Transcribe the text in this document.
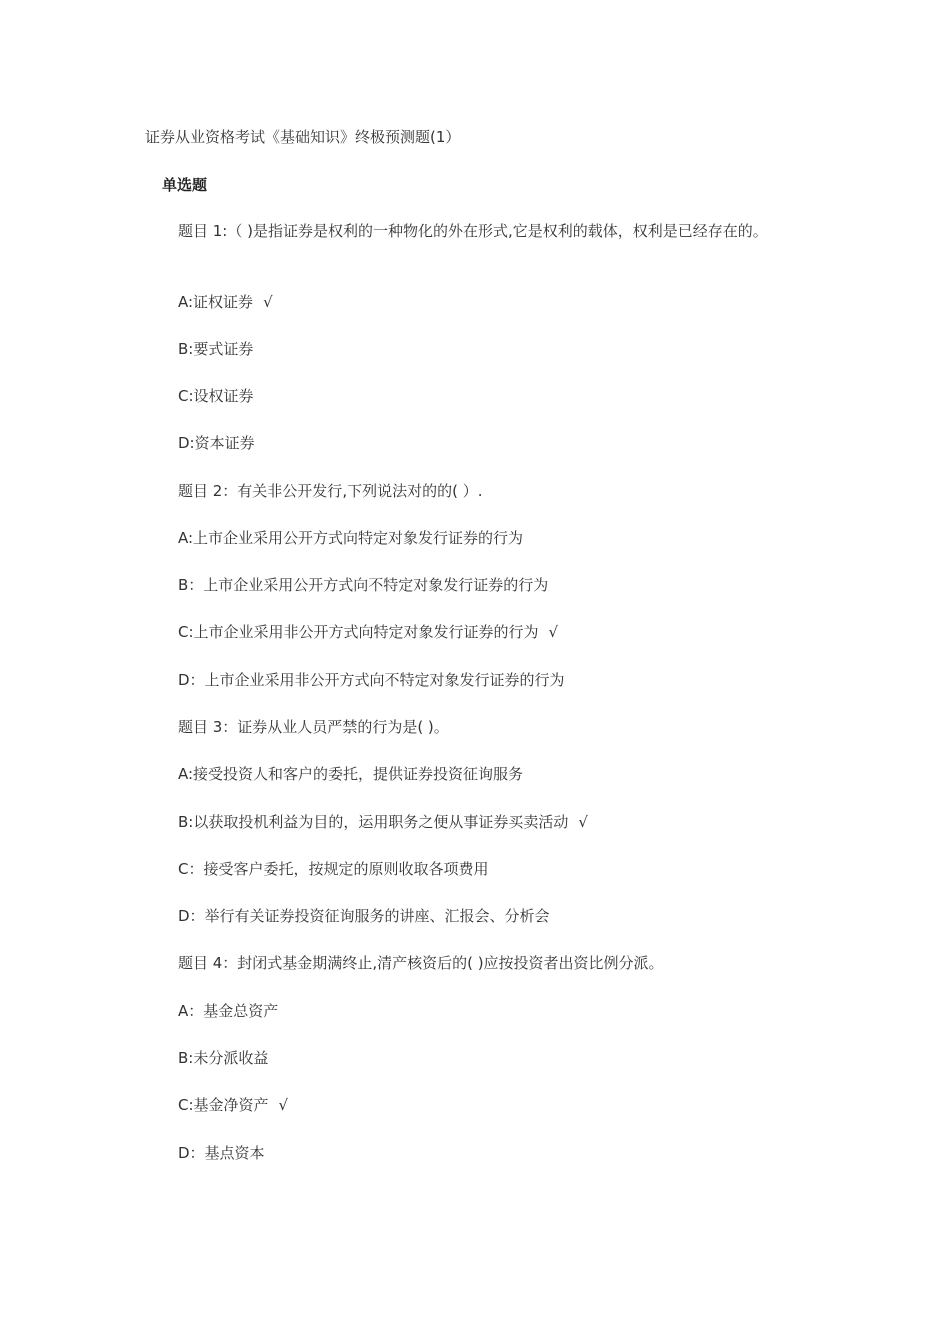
证券从业资格考试《基础知识》终极预测题(1）
单选题
题目 1:（ )是指证券是权利的一种物化的外在形式,它是权利的载体，权利是已经存在的。
A:证权证券 √
B:要式证券
C:设权证券
D:资本证券
题目 2：有关非公开发行,下列说法对的的( ）.
A:上市企业采用公开方式向特定对象发行证券的行为
B：上市企业采用公开方式向不特定对象发行证券的行为
C:上市企业采用非公开方式向特定对象发行证券的行为 √
D：上市企业采用非公开方式向不特定对象发行证券的行为
题目 3：证券从业人员严禁的行为是( )。
A:接受投资人和客户的委托，提供证券投资征询服务
B:以获取投机利益为目的，运用职务之便从事证券买卖活动 √
C：接受客户委托，按规定的原则收取各项费用
D：举行有关证券投资征询服务的讲座、汇报会、分析会
题目 4：封闭式基金期满终止,清产核资后的( )应按投资者出资比例分派。
A：基金总资产
B:未分派收益
C:基金净资产 √
D：基点资本
